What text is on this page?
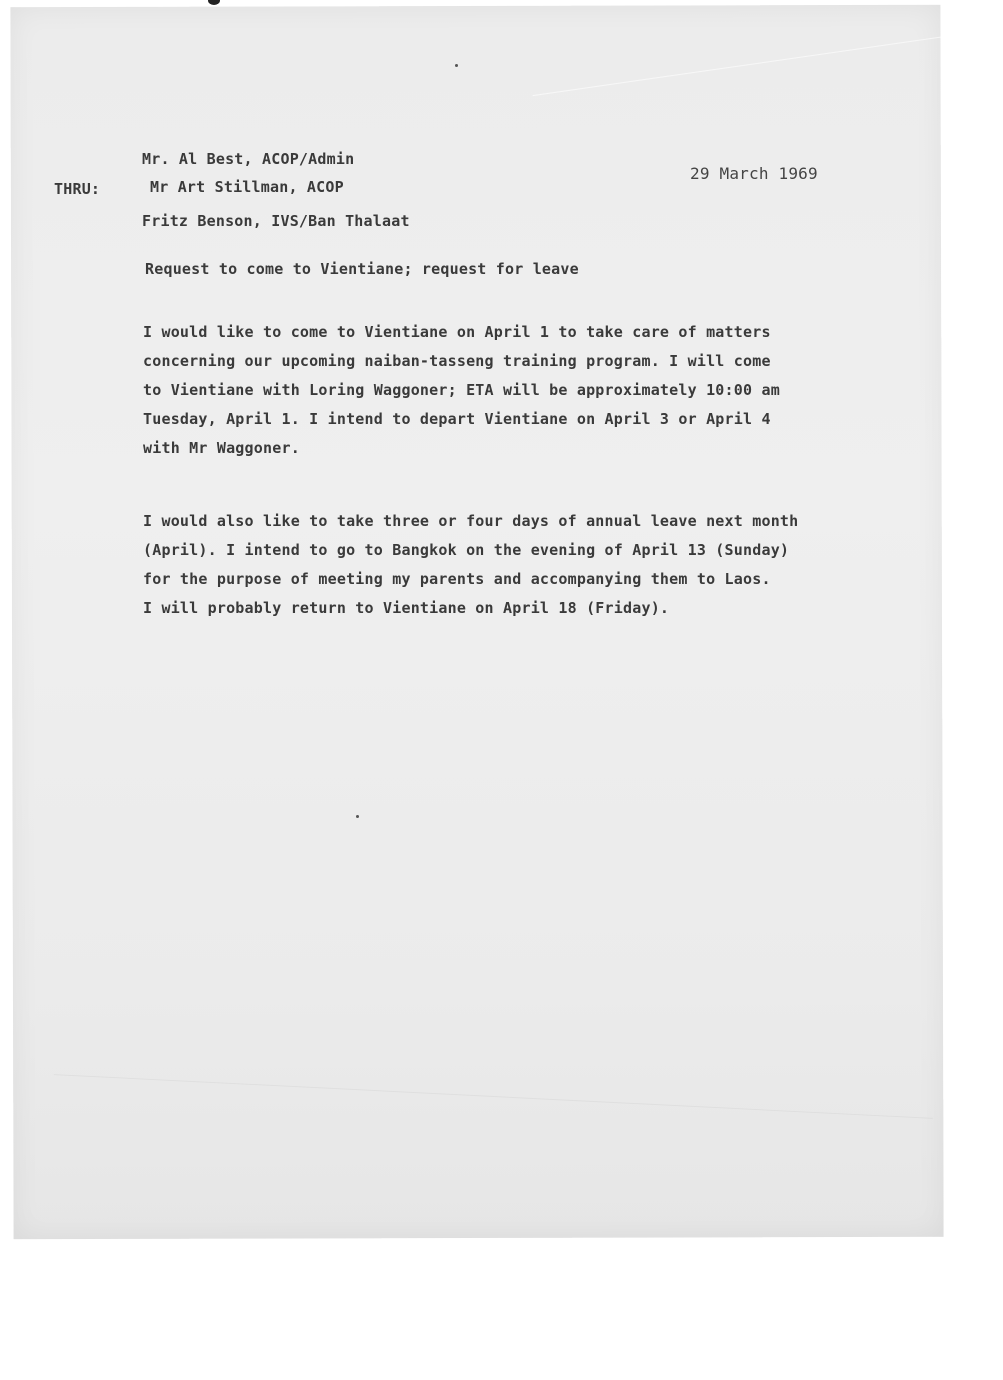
Mr. Al Best, ACOP/Admin
THRU:	Mr Art Stillman, ACOP
29 March 1969
Fritz Benson, IVS/Ban Thalaat
Request to come to Vientiane; request for leave
I would like to come to Vientiane on April 1 to take care of matters
concerning our upcoming naiban-tasseng training program. I will come
to Vientiane with Loring Waggoner; ETA will be approximately 10:00 am
Tuesday, April 1. I intend to depart Vientiane on April 3 or April 4
with Mr Waggoner.
I would also like to take three or four days of annual leave next month
(April). I intend to go to Bangkok on the evening of April 13 (Sunday)
for the purpose of meeting my parents and accompanying them to Laos.
I will probably return to Vientiane on April 18 (Friday).
